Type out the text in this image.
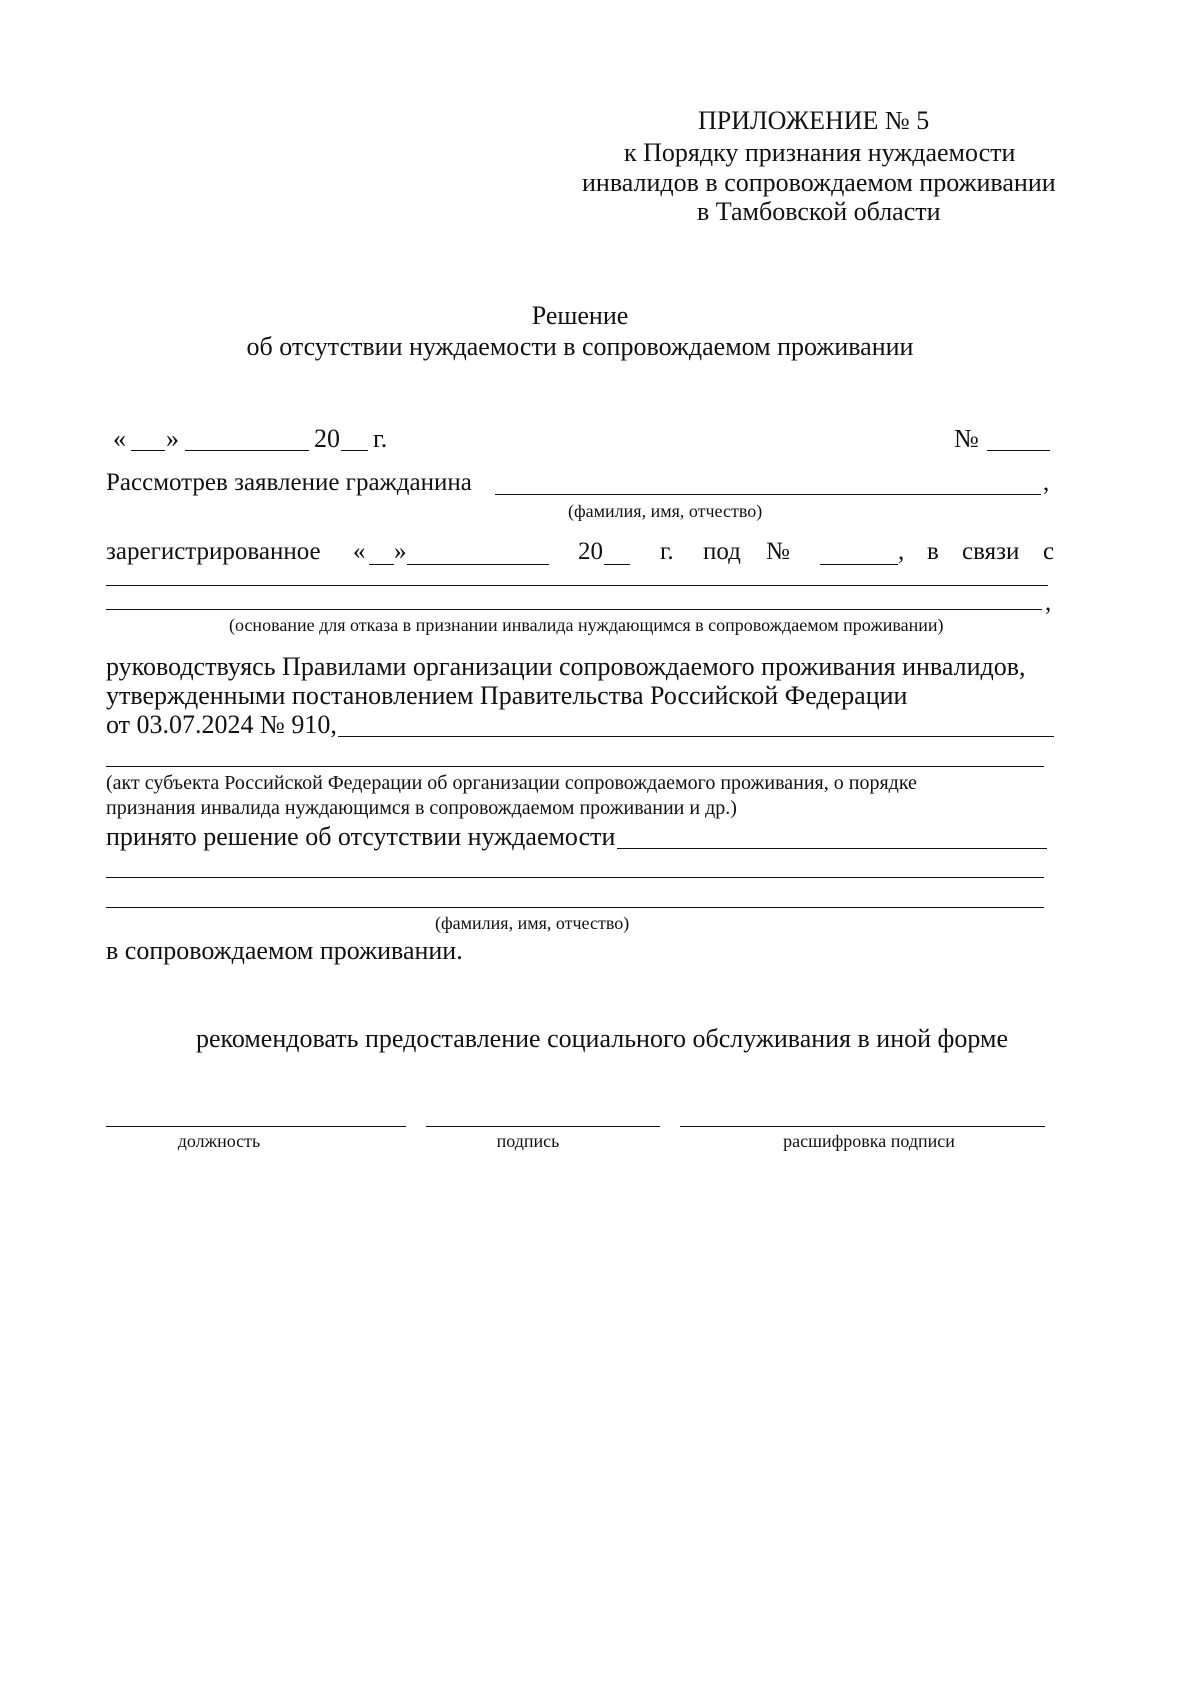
ПРИЛОЖЕНИЕ № 5
к Порядку признания нуждаемости
инвалидов в сопровождаемом проживании
в Тамбовской области
Решение
об отсутствии нуждаемости в сопровождаемом проживании
« »	20 г.	№
Рассмотрев заявление гражданина	,
(фамилия, имя, отчество)
зарегистрированное « »	20 г. под №	, в связи с
,
(основание для отказа в признании инвалида нуждающимся в сопровождаемом проживании)
руководствуясь Правилами организации сопровождаемого проживания инвалидов,
утвержденными постановлением Правительства Российской Федерации
от 03.07.2024 № 910,
(акт субъекта Российской Федерации об организации сопровождаемого проживания, о порядке
признания инвалида нуждающимся в сопровождаемом проживании и др.)
принято решение об отсутствии нуждаемости
(фамилия, имя, отчество)
в сопровождаемом проживании.
рекомендовать предоставление социального обслуживания в иной форме
должность	подпись	расшифровка подписи
